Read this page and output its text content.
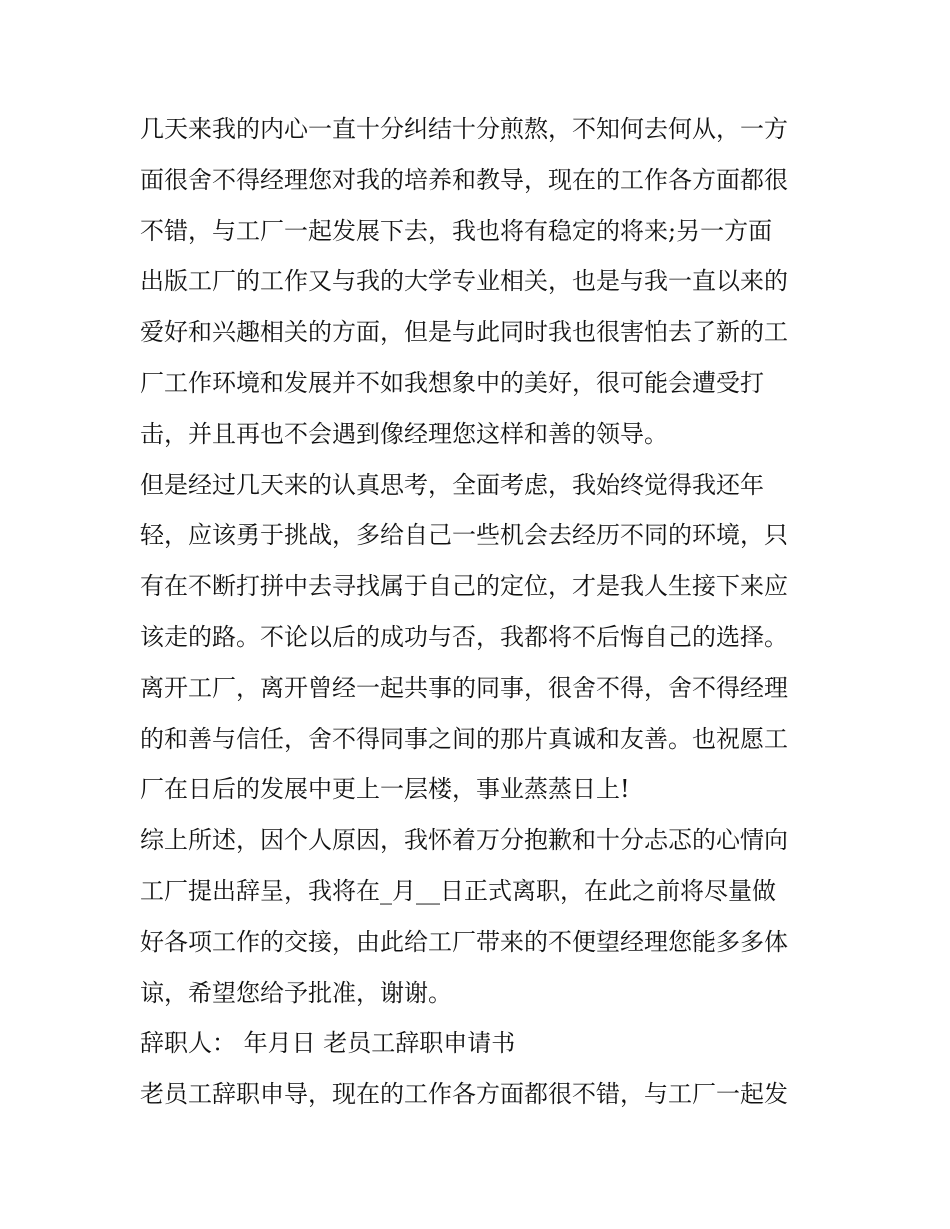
几天来我的内心一直十分纠结十分煎熬，不知何去何从，一方
面很舍不得经理您对我的培养和教导，现在的工作各方面都很
不错，与工厂一起发展下去，我也将有稳定的将来;另一方面
出版工厂的工作又与我的大学专业相关，也是与我一直以来的
爱好和兴趣相关的方面，但是与此同时我也很害怕去了新的工
厂工作环境和发展并不如我想象中的美好，很可能会遭受打
击，并且再也不会遇到像经理您这样和善的领导。
但是经过几天来的认真思考，全面考虑，我始终觉得我还年
轻，应该勇于挑战，多给自己一些机会去经历不同的环境，只
有在不断打拼中去寻找属于自己的定位，才是我人生接下来应
该走的路。不论以后的成功与否，我都将不后悔自己的选择。
离开工厂，离开曾经一起共事的同事，很舍不得，舍不得经理
的和善与信任，舍不得同事之间的那片真诚和友善。也祝愿工
厂在日后的发展中更上一层楼，事业蒸蒸日上!
综上所述，因个人原因，我怀着万分抱歉和十分忐忑的心情向
工厂提出辞呈，我将在_月__日正式离职，在此之前将尽量做
好各项工作的交接，由此给工厂带来的不便望经理您能多多体
谅，希望您给予批准，谢谢。
辞职人： 年月日 老员工辞职申请书
老员工辞职申导，现在的工作各方面都很不错，与工厂一起发
